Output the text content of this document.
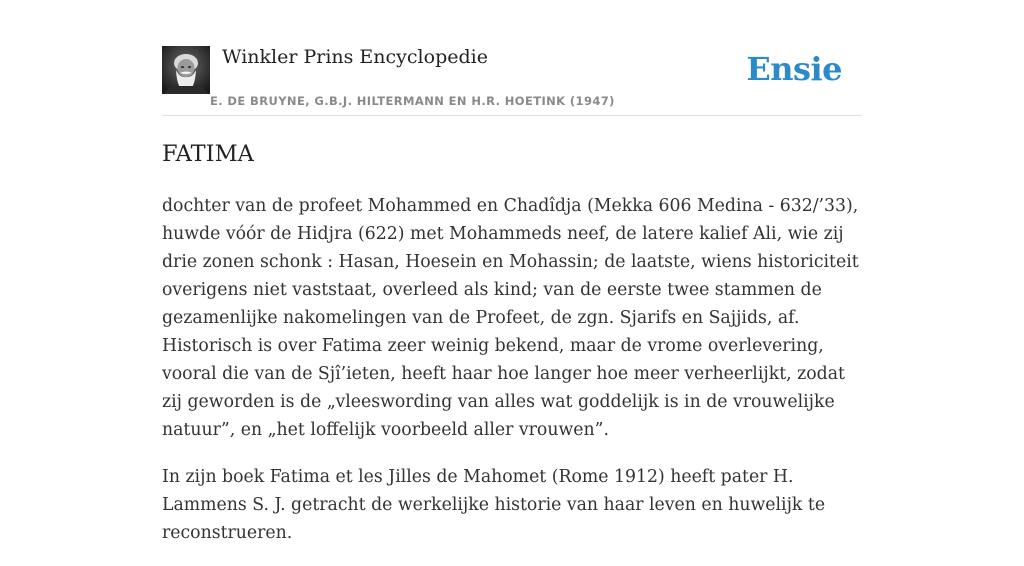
Winkler Prins Encyclopedie
E. DE BRUYNE, G.B.J. HILTERMANN EN H.R. HOETINK (1947)
Ensie
FATIMA

dochter van de profeet Mohammed en Chadîdja (Mekka 606 Medina - 632/’33), huwde vóór de Hidjra (622) met Mohammeds neef, de latere kalief Ali, wie zij drie zonen schonk : Hasan, Hoesein en Mohassin; de laatste, wiens historiciteit overigens niet vaststaat, overleed als kind; van de eerste twee stammen de gezamenlijke nakomelingen van de Profeet, de zgn. Sjarifs en Sajjids, af. Historisch is over Fatima zeer weinig bekend, maar de vrome overlevering, vooral die van de Sjî’ieten, heeft haar hoe langer hoe meer verheerlijkt, zodat zij geworden is de „vleeswording van alles wat goddelijk is in de vrouwelijke natuur”, en „het loffelijk voorbeeld aller vrouwen”.

In zijn boek Fatima et les Jilles de Mahomet (Rome 1912) heeft pater H. Lammens S. J. getracht de werkelijke historie van haar leven en huwelijk te reconstrueren.
